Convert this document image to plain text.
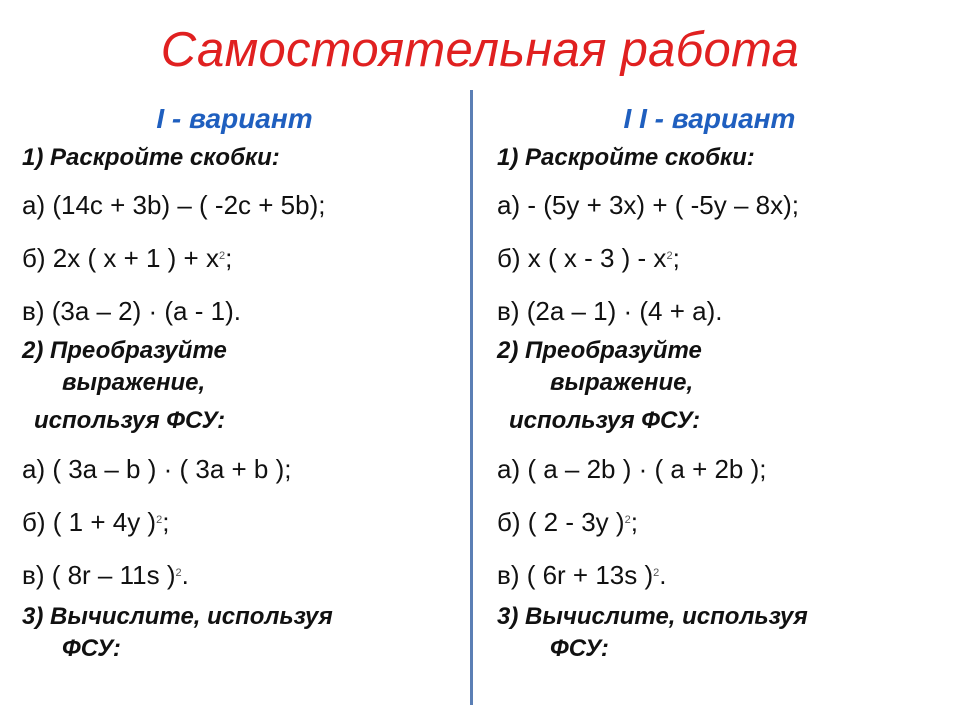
Самостоятельная работа
I - вариант
1) Раскройте скобки:
а) (14с + 3b) – ( -2с + 5b);
б) 2х ( х + 1 ) + $х^2$;
в) (3а – 2) · (а - 1).
2) Преобразуйте
выражение,
используя ФСУ:
а) ( 3а – b ) · ( 3а + b );
б) ( 1 + 4у )$^2$;
в) ( 8r – 11s )$^2$.
3) Вычислите, используя
ФСУ:
I I - вариант
1) Раскройте скобки:
а) - (5у + 3х) + ( -5у – 8х);
б) х ( х - 3 ) - $х^2$;
в) (2а – 1) · (4 + а).
2) Преобразуйте
выражение,
используя ФСУ:
а) ( а – 2b ) · ( а + 2b );
б) ( 2 - 3у )$^2$;
в) ( 6r + 13s )$^2$.
3) Вычислите, используя
ФСУ:
